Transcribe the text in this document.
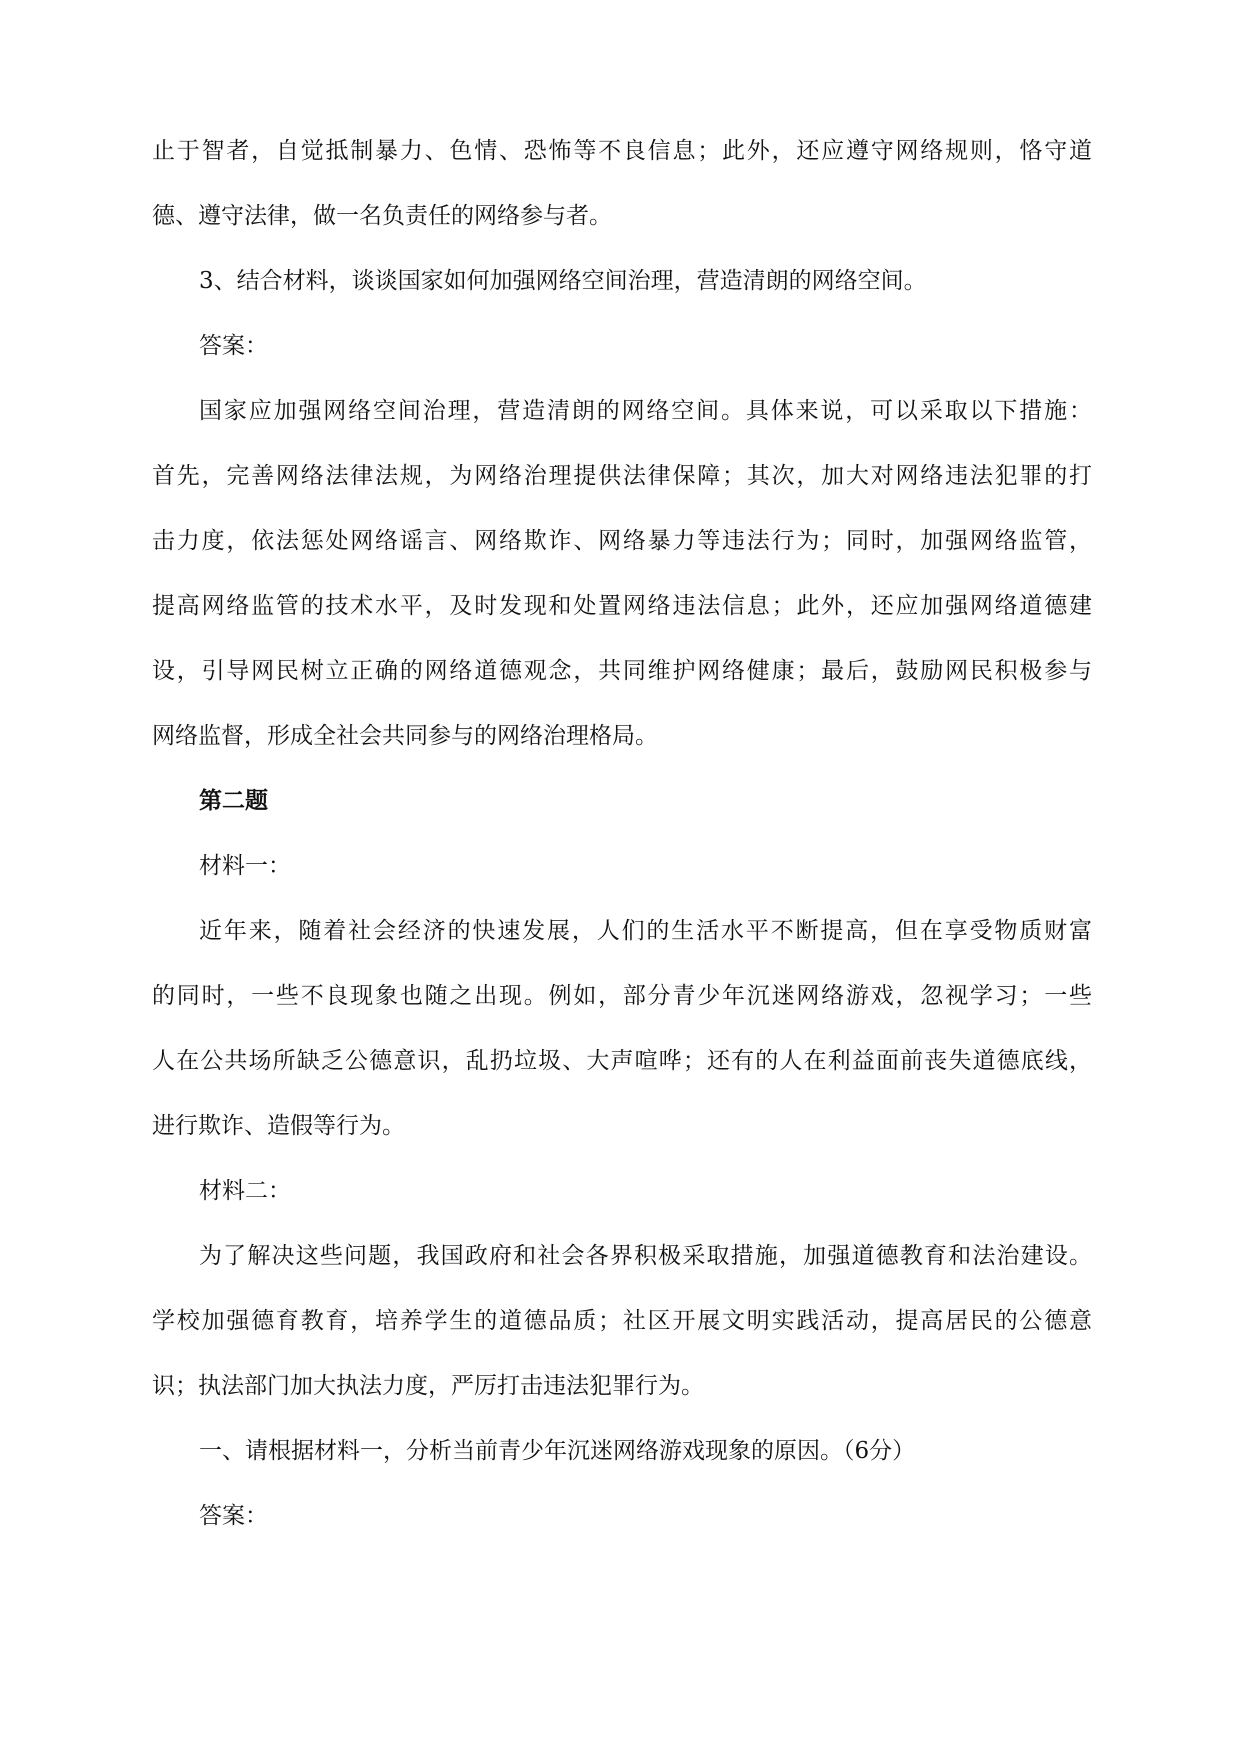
止于智者，自觉抵制暴力、色情、恐怖等不良信息；此外，还应遵守网络规则，恪守道
德、遵守法律，做一名负责任的网络参与者。
3、结合材料，谈谈国家如何加强网络空间治理，营造清朗的网络空间。
答案：
国家应加强网络空间治理，营造清朗的网络空间。具体来说，可以采取以下措施：
首先，完善网络法律法规，为网络治理提供法律保障；其次，加大对网络违法犯罪的打
击力度，依法惩处网络谣言、网络欺诈、网络暴力等违法行为；同时，加强网络监管，
提高网络监管的技术水平，及时发现和处置网络违法信息；此外，还应加强网络道德建
设，引导网民树立正确的网络道德观念，共同维护网络健康；最后，鼓励网民积极参与
网络监督，形成全社会共同参与的网络治理格局。
第二题
材料一：
近年来，随着社会经济的快速发展，人们的生活水平不断提高，但在享受物质财富
的同时，一些不良现象也随之出现。例如，部分青少年沉迷网络游戏，忽视学习；一些
人在公共场所缺乏公德意识，乱扔垃圾、大声喧哗；还有的人在利益面前丧失道德底线，
进行欺诈、造假等行为。
材料二：
为了解决这些问题，我国政府和社会各界积极采取措施，加强道德教育和法治建设。
学校加强德育教育，培养学生的道德品质；社区开展文明实践活动，提高居民的公德意
识；执法部门加大执法力度，严厉打击违法犯罪行为。
一、请根据材料一，分析当前青少年沉迷网络游戏现象的原因。（6分）
答案：
